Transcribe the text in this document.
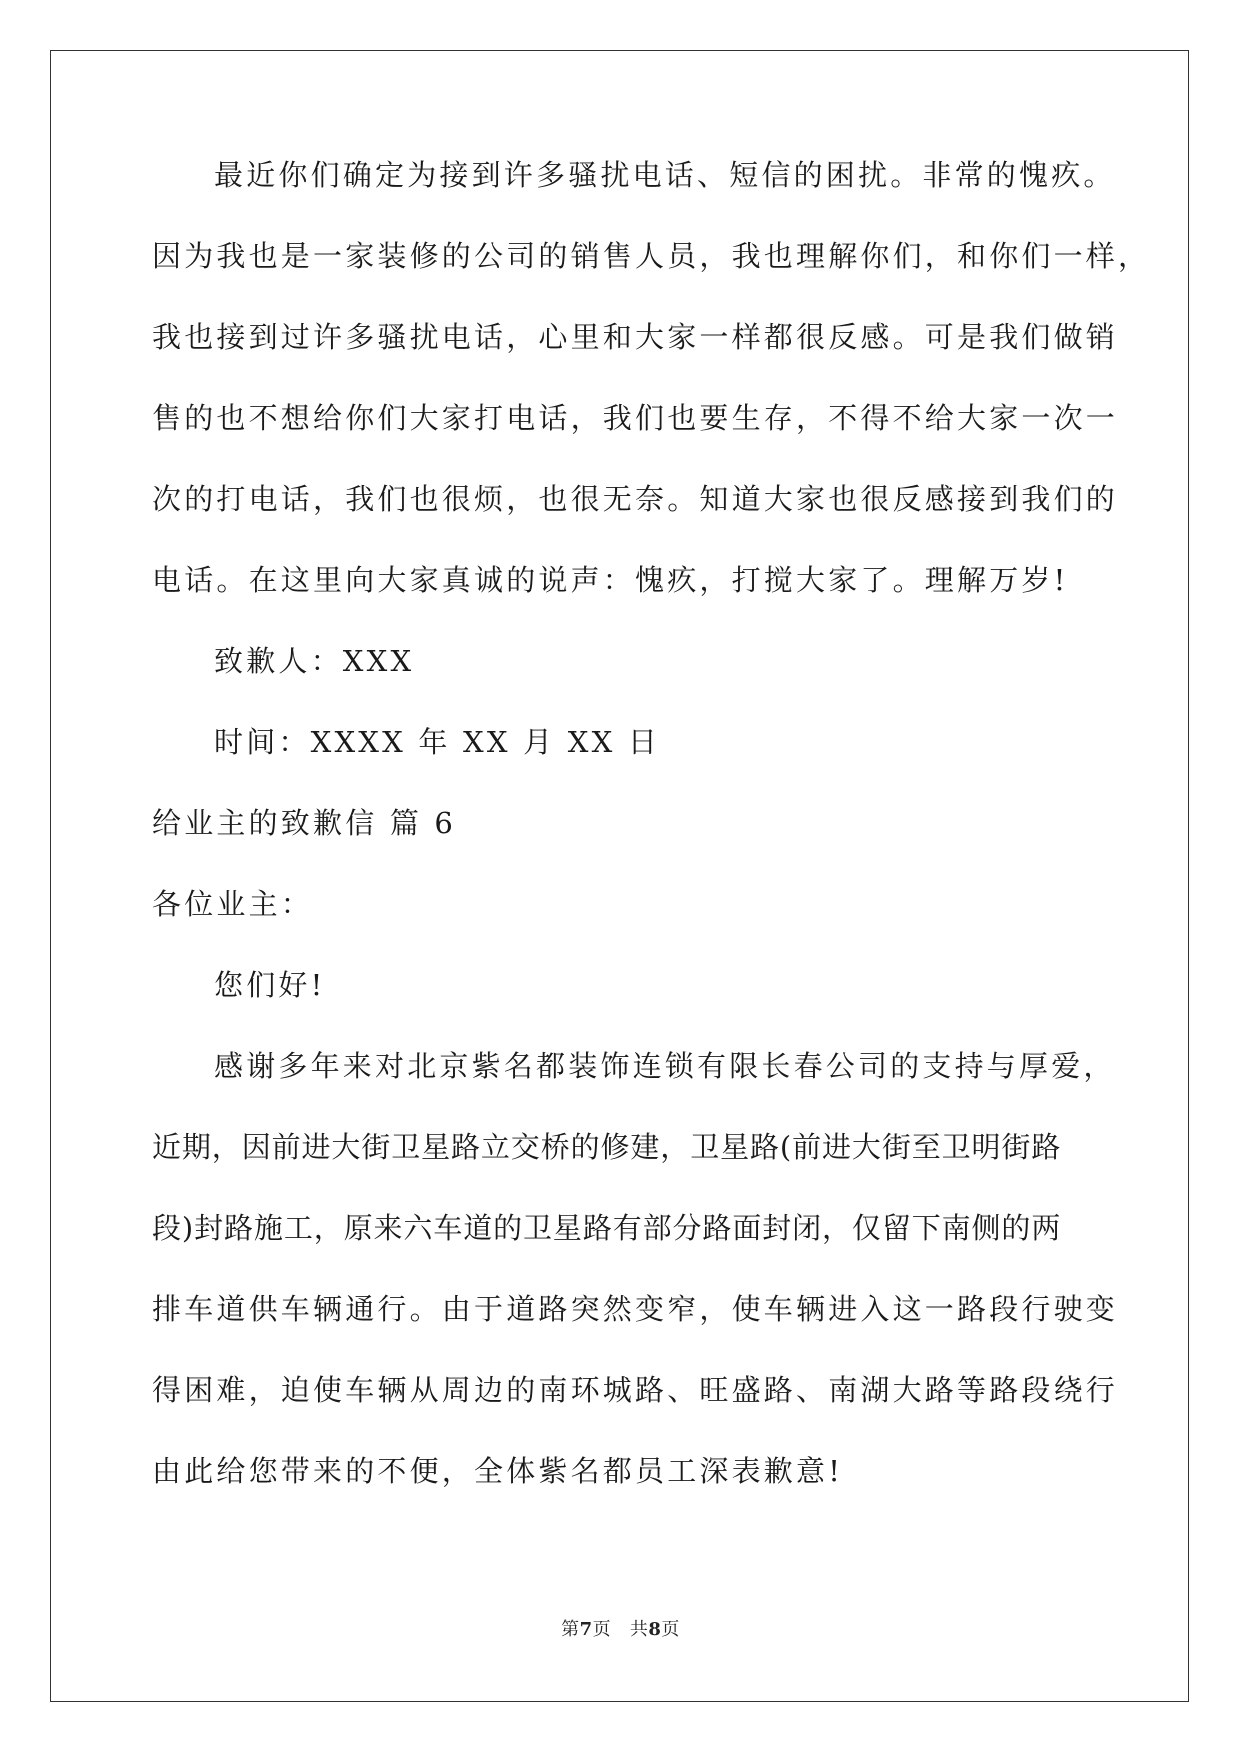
最近你们确定为接到许多骚扰电话、短信的困扰。非常的愧疚。
因为我也是一家装修的公司的销售人员，我也理解你们，和你们一样，
我也接到过许多骚扰电话，心里和大家一样都很反感。可是我们做销
售的也不想给你们大家打电话，我们也要生存，不得不给大家一次一
次的打电话，我们也很烦，也很无奈。知道大家也很反感接到我们的
电话。在这里向大家真诚的说声：愧疚，打搅大家了。理解万岁!
致歉人：XXX
时间：XXXX 年 XX 月 XX 日
给业主的致歉信 篇 6
各位业主：
您们好!
感谢多年来对北京紫名都装饰连锁有限长春公司的支持与厚爱，
近期，因前进大街卫星路立交桥的修建，卫星路(前进大街至卫明街路
段)封路施工，原来六车道的卫星路有部分路面封闭，仅留下南侧的两
排车道供车辆通行。由于道路突然变窄，使车辆进入这一路段行驶变
得困难，迫使车辆从周边的南环城路、旺盛路、南湖大路等路段绕行
由此给您带来的不便，全体紫名都员工深表歉意!
第7页 共8页
